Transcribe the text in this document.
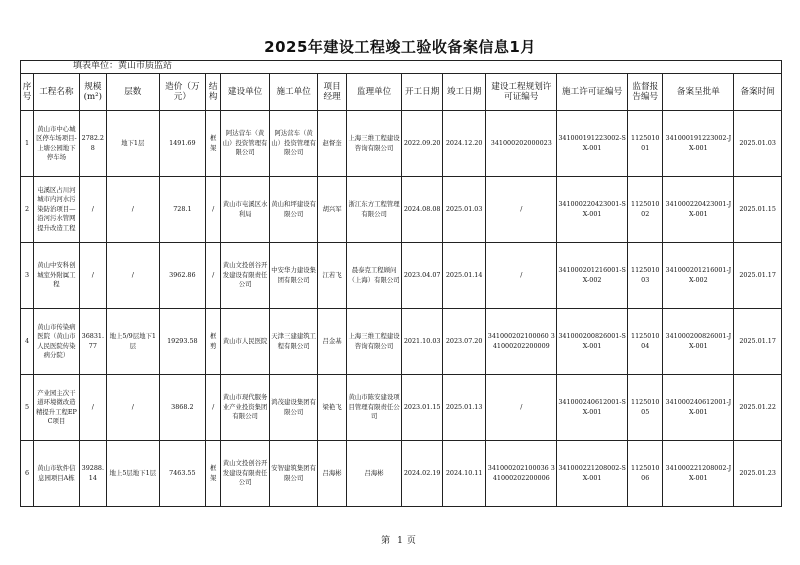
2025年建设工程竣工验收备案信息1月
填表单位：黄山市质监站																
序号	工程名称	规模(m²)	层数	造价（万元）	结构	建设单位	施工单位	项目经理	监理单位	开工日期	竣工日期	建设工程规划许可证编号	施工许可证编号	监督报告编号	备案呈批单	备案时间
1	黄山市中心城区停车场项目-上塘公园地下停车场	2782.28	地下1层	1491.69	框架	阿达营车（黄山）投资管理有限公司	阿达营车（黄山）投资管理有限公司	赵督奎	上海三维工程建设咨询有限公司	2022.09.20	2024.12.20	341000202000023	341000191223002-SX-001	112501001	341000191223002-JX-001	2025.01.03
2	屯溪区占川河城市内河水污染防治项目—沿河污水管网提升改造工程	/	/	728.1	/	黄山市屯溪区水利局	黄山和坪建设有限公司	胡兴军	浙江东方工程管理有限公司	2024.08.08	2025.01.03	/	341000220423001-SX-001	112501002	341000220423001-JX-001	2025.01.15
3	黄山中安科创城室外附属工程	/	/	3962.86	/	黄山文投创谷开发建设有限责任公司	中安华力建设集团有限公司	江若飞	晨泰克工程顾问（上海）有限公司	2023.04.07	2025.01.14	/	341000201216001-SX-002	112501003	341000201216001-JX-002	2025.01.17
4	黄山市传染病医院（黄山市人民医院传染病分院）	36831.77	地上5/9层地下1层	19293.58	框剪	黄山市人民医院	天津三建建筑工程有限公司	吕金基	上海三维工程建设咨询有限公司	2021.10.03	2023.07.20	341000202100060 341000202200009	341000200826001-SX-001	112501004	341000200826001-JX-001	2025.01.17
5	产业园主次干道环境微改造精提升工程EPC项目	/	/	3868.2	/	黄山市现代服务业产业投资集团有限公司	鸿茂建设集团有限公司	梁艳飞	黄山市陈安建设项目管理有限责任公司	2023.01.15	2025.01.13	/	341000240612001-SX-001	112501005	341000240612001-JX-001	2025.01.22
6	黄山市软件信息园项目A栋	39288.14	地上5层地下1层	7463.55	框架	黄山文投创谷开发建设有限责任公司	安智建筑集团有限公司	吕海彬	吕海彬	2024.02.19	2024.10.11	341000202100036 341000202200006	341000221208002-SX-001	112501006	341000221208002-JX-001	2025.01.23
第 1 页
